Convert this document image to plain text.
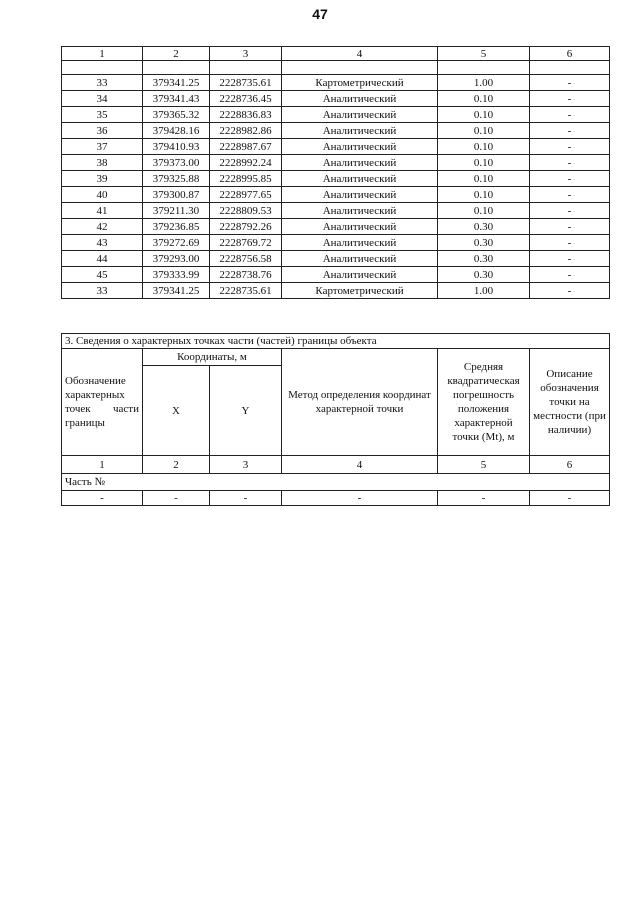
47
1	2	3	4	5	6

33	379341.25	2228735.61	Картометрический	1.00	-
34	379341.43	2228736.45	Аналитический	0.10	-
35	379365.32	2228836.83	Аналитический	0.10	-
36	379428.16	2228982.86	Аналитический	0.10	-
37	379410.93	2228987.67	Аналитический	0.10	-
38	379373.00	2228992.24	Аналитический	0.10	-
39	379325.88	2228995.85	Аналитический	0.10	-
40	379300.87	2228977.65	Аналитический	0.10	-
41	379211.30	2228809.53	Аналитический	0.10	-
42	379236.85	2228792.26	Аналитический	0.30	-
43	379272.69	2228769.72	Аналитический	0.30	-
44	379293.00	2228756.58	Аналитический	0.30	-
45	379333.99	2228738.76	Аналитический	0.30	-
33	379341.25	2228735.61	Картометрический	1.00	-
3. Сведения о характерных точках части (частей) границы объекта					
Обозначение характерных точек части границы	Координаты, м		Метод определения координат характерной точки	Средняя квадратическая погрешность положения характерной точки (Mt), м	Описание обозначения точки на местности (при наличии)
	X	Y			
1	2	3	4	5	6
Часть №					
-	-	-	-	-	-
